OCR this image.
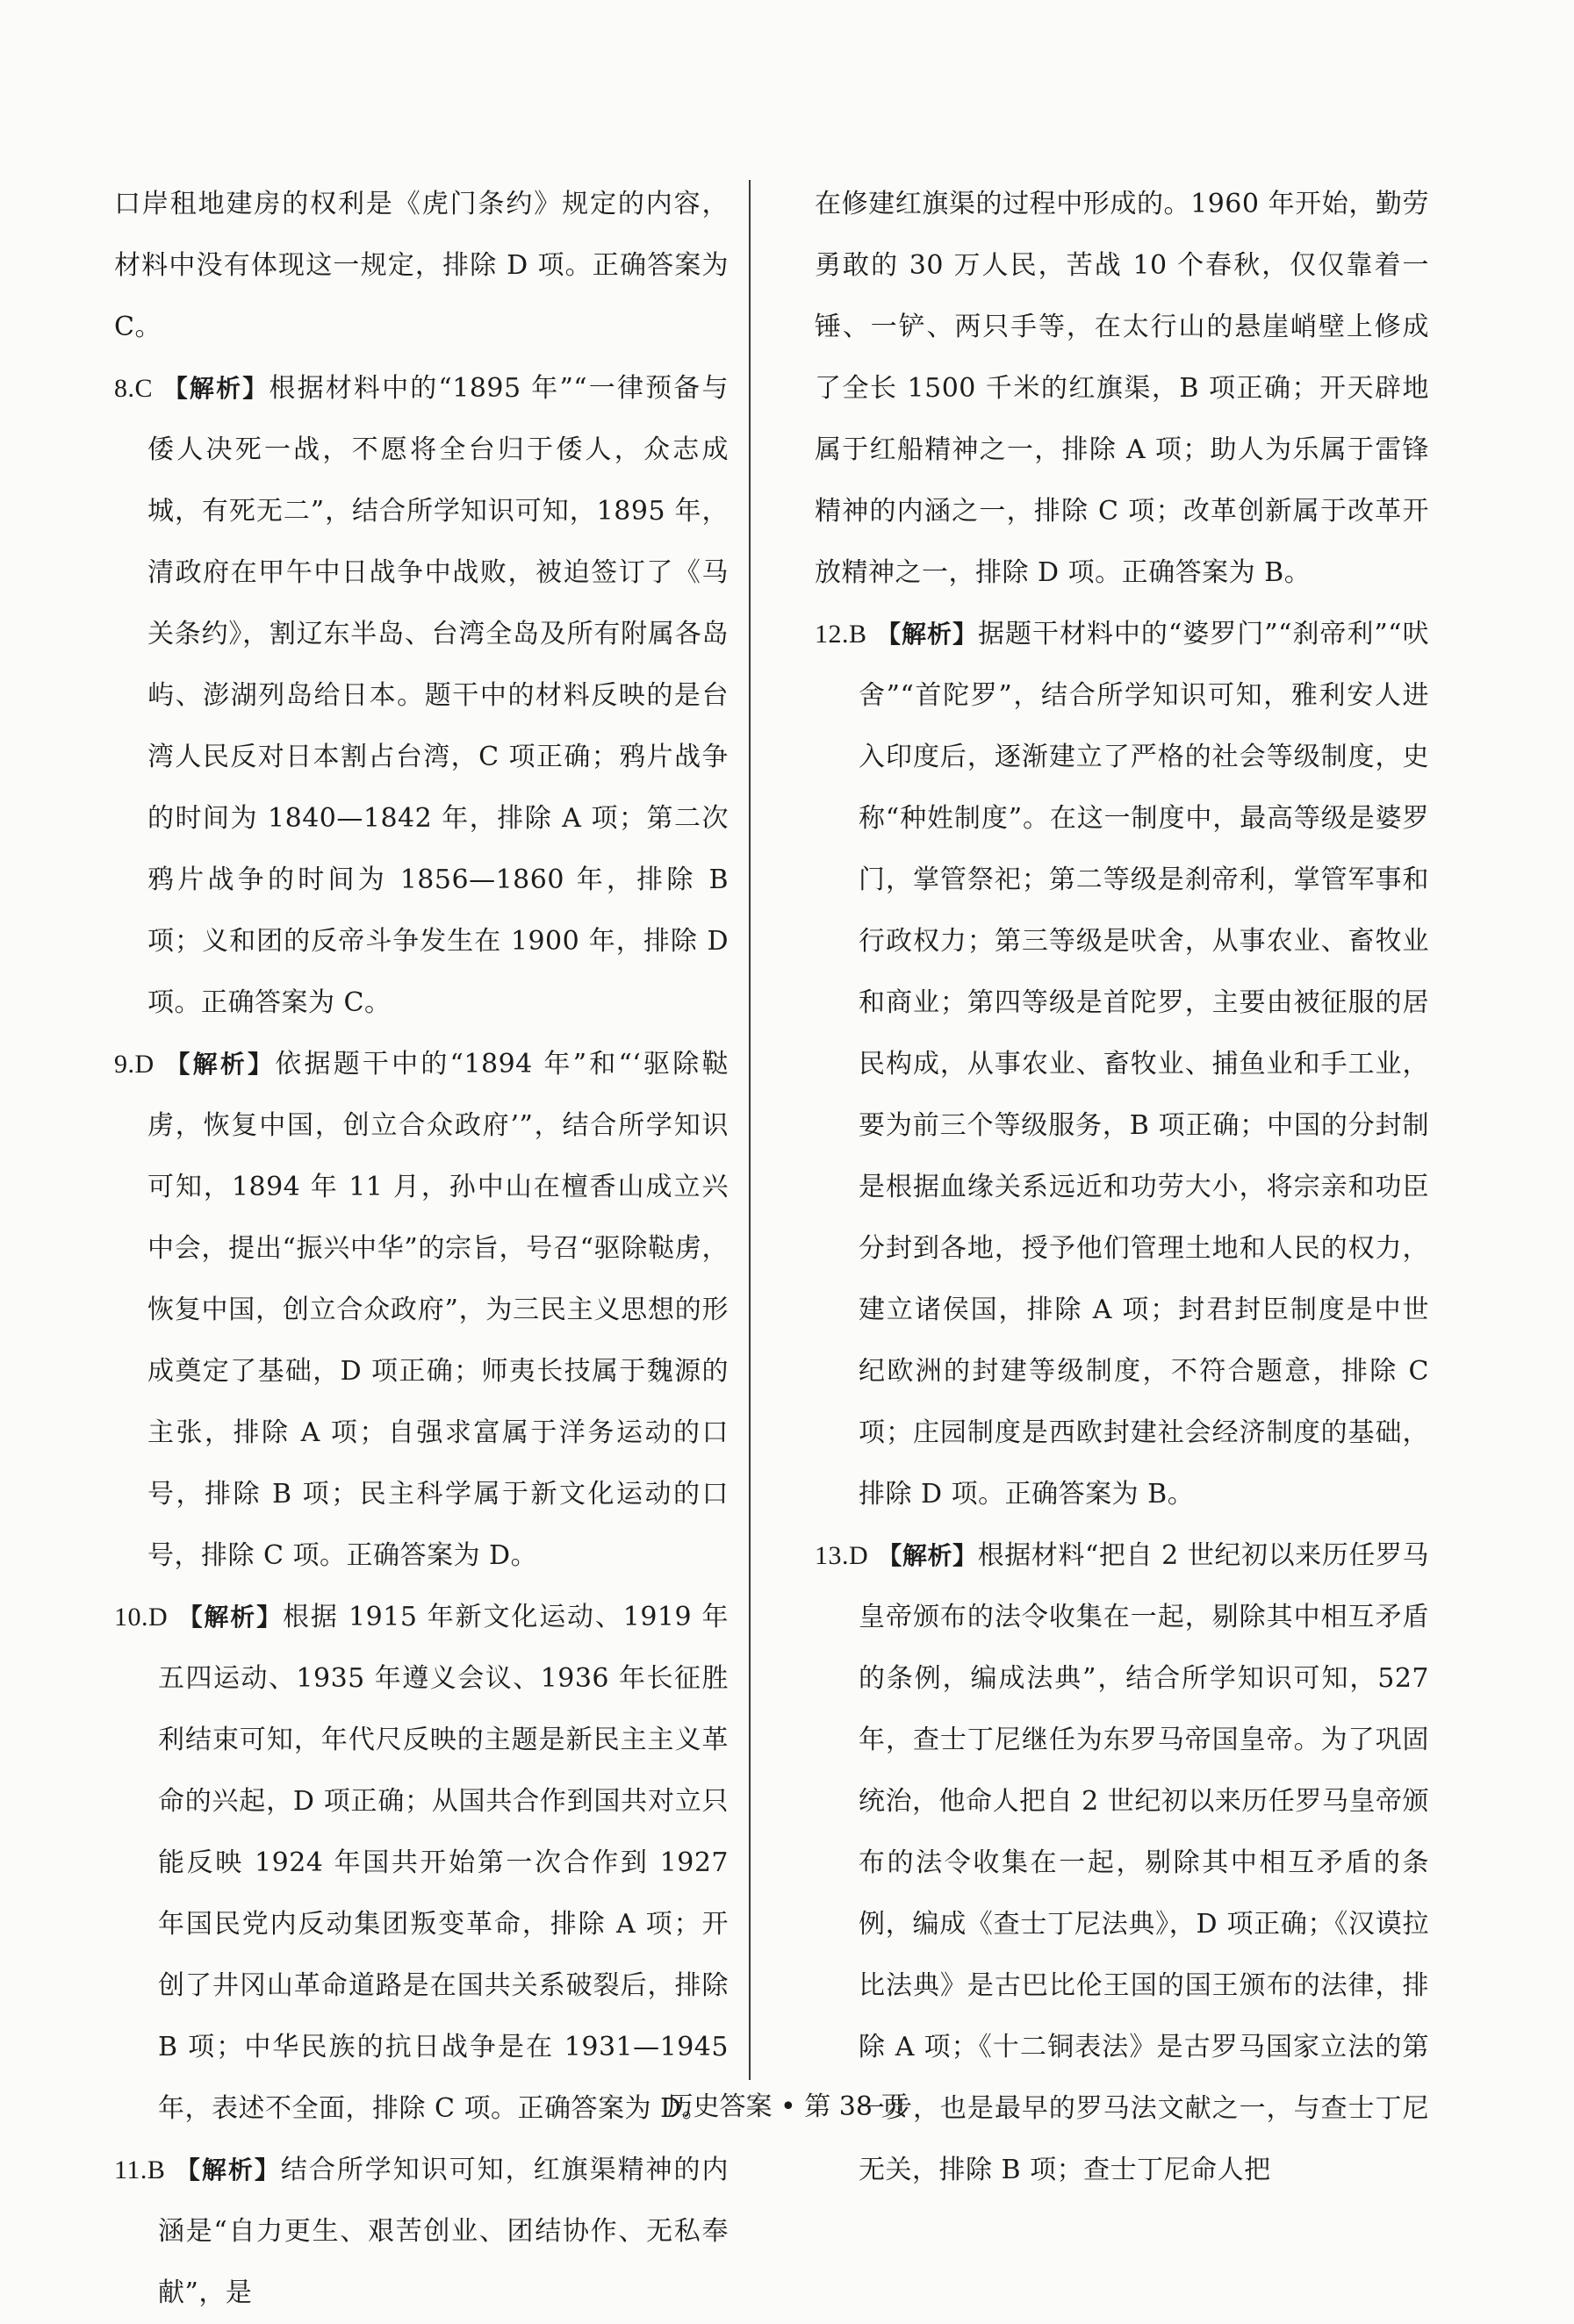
口岸租地建房的权利是《虎门条约》规定的内容，材料中没有体现这一规定，排除 D 项。正确答案为 C。

8.C 【解析】根据材料中的“1895 年”“一律预备与倭人决死一战，不愿将全台归于倭人，众志成城，有死无二”，结合所学知识可知，1895 年，清政府在甲午中日战争中战败，被迫签订了《马关条约》，割辽东半岛、台湾全岛及所有附属各岛屿、澎湖列岛给日本。题干中的材料反映的是台湾人民反对日本割占台湾，C 项正确；鸦片战争的时间为 1840—1842 年，排除 A 项；第二次鸦片战争的时间为 1856—1860 年，排除 B 项；义和团的反帝斗争发生在 1900 年，排除 D 项。正确答案为 C。

9.D 【解析】依据题干中的“1894 年”和“‘驱除鞑虏，恢复中国，创立合众政府’”，结合所学知识可知，1894 年 11 月，孙中山在檀香山成立兴中会，提出“振兴中华”的宗旨，号召“驱除鞑虏，恢复中国，创立合众政府”，为三民主义思想的形成奠定了基础，D 项正确；师夷长技属于魏源的主张，排除 A 项；自强求富属于洋务运动的口号，排除 B 项；民主科学属于新文化运动的口号，排除 C 项。正确答案为 D。

10.D 【解析】根据 1915 年新文化运动、1919 年五四运动、1935 年遵义会议、1936 年长征胜利结束可知，年代尺反映的主题是新民主主义革命的兴起，D 项正确；从国共合作到国共对立只能反映 1924 年国共开始第一次合作到 1927 年国民党内反动集团叛变革命，排除 A 项；开创了井冈山革命道路是在国共关系破裂后，排除 B 项；中华民族的抗日战争是在 1931—1945 年，表述不全面，排除 C 项。正确答案为 D。

11.B 【解析】结合所学知识可知，红旗渠精神的内涵是“自力更生、艰苦创业、团结协作、无私奉献”，是

在修建红旗渠的过程中形成的。1960 年开始，勤劳勇敢的 30 万人民，苦战 10 个春秋，仅仅靠着一锤、一铲、两只手等，在太行山的悬崖峭壁上修成了全长 1500 千米的红旗渠，B 项正确；开天辟地属于红船精神之一，排除 A 项；助人为乐属于雷锋精神的内涵之一，排除 C 项；改革创新属于改革开放精神之一，排除 D 项。正确答案为 B。

12.B 【解析】据题干材料中的“婆罗门”“刹帝利”“吠舍”“首陀罗”，结合所学知识可知，雅利安人进入印度后，逐渐建立了严格的社会等级制度，史称“种姓制度”。在这一制度中，最高等级是婆罗门，掌管祭祀；第二等级是刹帝利，掌管军事和行政权力；第三等级是吠舍，从事农业、畜牧业和商业；第四等级是首陀罗，主要由被征服的居民构成，从事农业、畜牧业、捕鱼业和手工业，要为前三个等级服务，B 项正确；中国的分封制是根据血缘关系远近和功劳大小，将宗亲和功臣分封到各地，授予他们管理土地和人民的权力，建立诸侯国，排除 A 项；封君封臣制度是中世纪欧洲的封建等级制度，不符合题意，排除 C 项；庄园制度是西欧封建社会经济制度的基础，排除 D 项。正确答案为 B。

13.D 【解析】根据材料“把自 2 世纪初以来历任罗马皇帝颁布的法令收集在一起，剔除其中相互矛盾的条例，编成法典”，结合所学知识可知，527 年，查士丁尼继任为东罗马帝国皇帝。为了巩固统治，他命人把自 2 世纪初以来历任罗马皇帝颁布的法令收集在一起，剔除其中相互矛盾的条例，编成《查士丁尼法典》，D 项正确；《汉谟拉比法典》是古巴比伦王国的国王颁布的法律，排除 A 项；《十二铜表法》是古罗马国家立法的第一步，也是最早的罗马法文献之一，与查士丁尼无关，排除 B 项；查士丁尼命人把

历史答案 • 第 38 页
